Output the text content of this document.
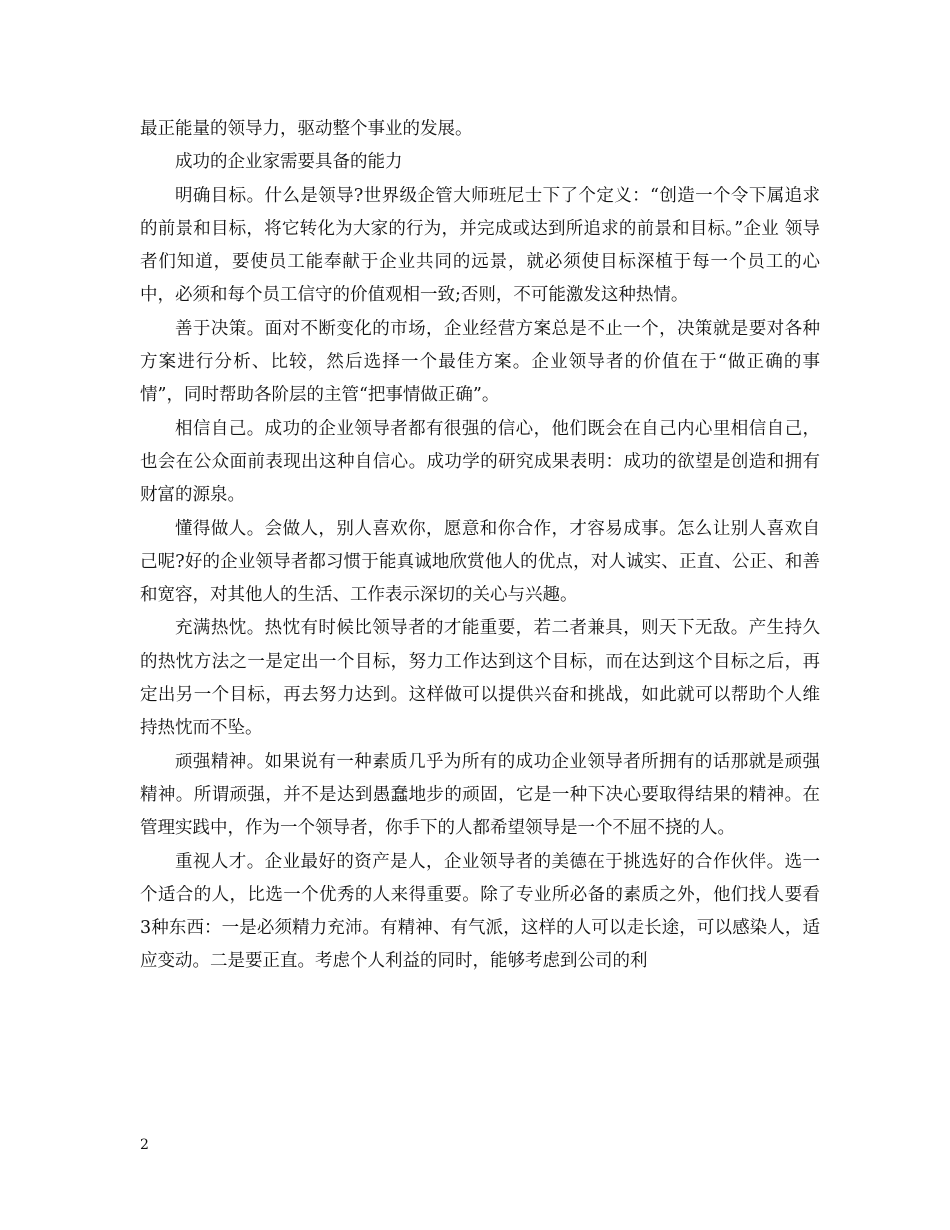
最正能量的领导力，驱动整个事业的发展。

成功的企业家需要具备的能力

明确目标。什么是领导?世界级企管大师班尼士下了个定义：“创造一个令下属追求的前景和目标，将它转化为大家的行为，并完成或达到所追求的前景和目标。”企业 领导者们知道，要使员工能奉献于企业共同的远景，就必须使目标深植于每一个员工的心中，必须和每个员工信守的价值观相一致;否则，不可能激发这种热情。

善于决策。面对不断变化的市场，企业经营方案总是不止一个，决策就是要对各种方案进行分析、比较，然后选择一个最佳方案。企业领导者的价值在于“做正确的事情”，同时帮助各阶层的主管“把事情做正确”。

相信自己。成功的企业领导者都有很强的信心，他们既会在自己内心里相信自己，也会在公众面前表现出这种自信心。成功学的研究成果表明：成功的欲望是创造和拥有财富的源泉。

懂得做人。会做人，别人喜欢你，愿意和你合作，才容易成事。怎么让别人喜欢自己呢?好的企业领导者都习惯于能真诚地欣赏他人的优点，对人诚实、正直、公正、和善和宽容，对其他人的生活、工作表示深切的关心与兴趣。

充满热忱。热忱有时候比领导者的才能重要，若二者兼具，则天下无敌。产生持久的热忱方法之一是定出一个目标，努力工作达到这个目标，而在达到这个目标之后，再定出另一个目标，再去努力达到。这样做可以提供兴奋和挑战，如此就可以帮助个人维持热忱而不坠。

顽强精神。如果说有一种素质几乎为所有的成功企业领导者所拥有的话那就是顽强精神。所谓顽强，并不是达到愚蠢地步的顽固，它是一种下决心要取得结果的精神。在管理实践中，作为一个领导者，你手下的人都希望领导是一个不屈不挠的人。

重视人才。企业最好的资产是人，企业领导者的美德在于挑选好的合作伙伴。选一个适合的人，比选一个优秀的人来得重要。除了专业所必备的素质之外，他们找人要看 3种东西：一是必须精力充沛。有精神、有气派，这样的人可以走长途，可以感染人，适应变动。二是要正直。考虑个人利益的同时，能够考虑到公司的利

2
